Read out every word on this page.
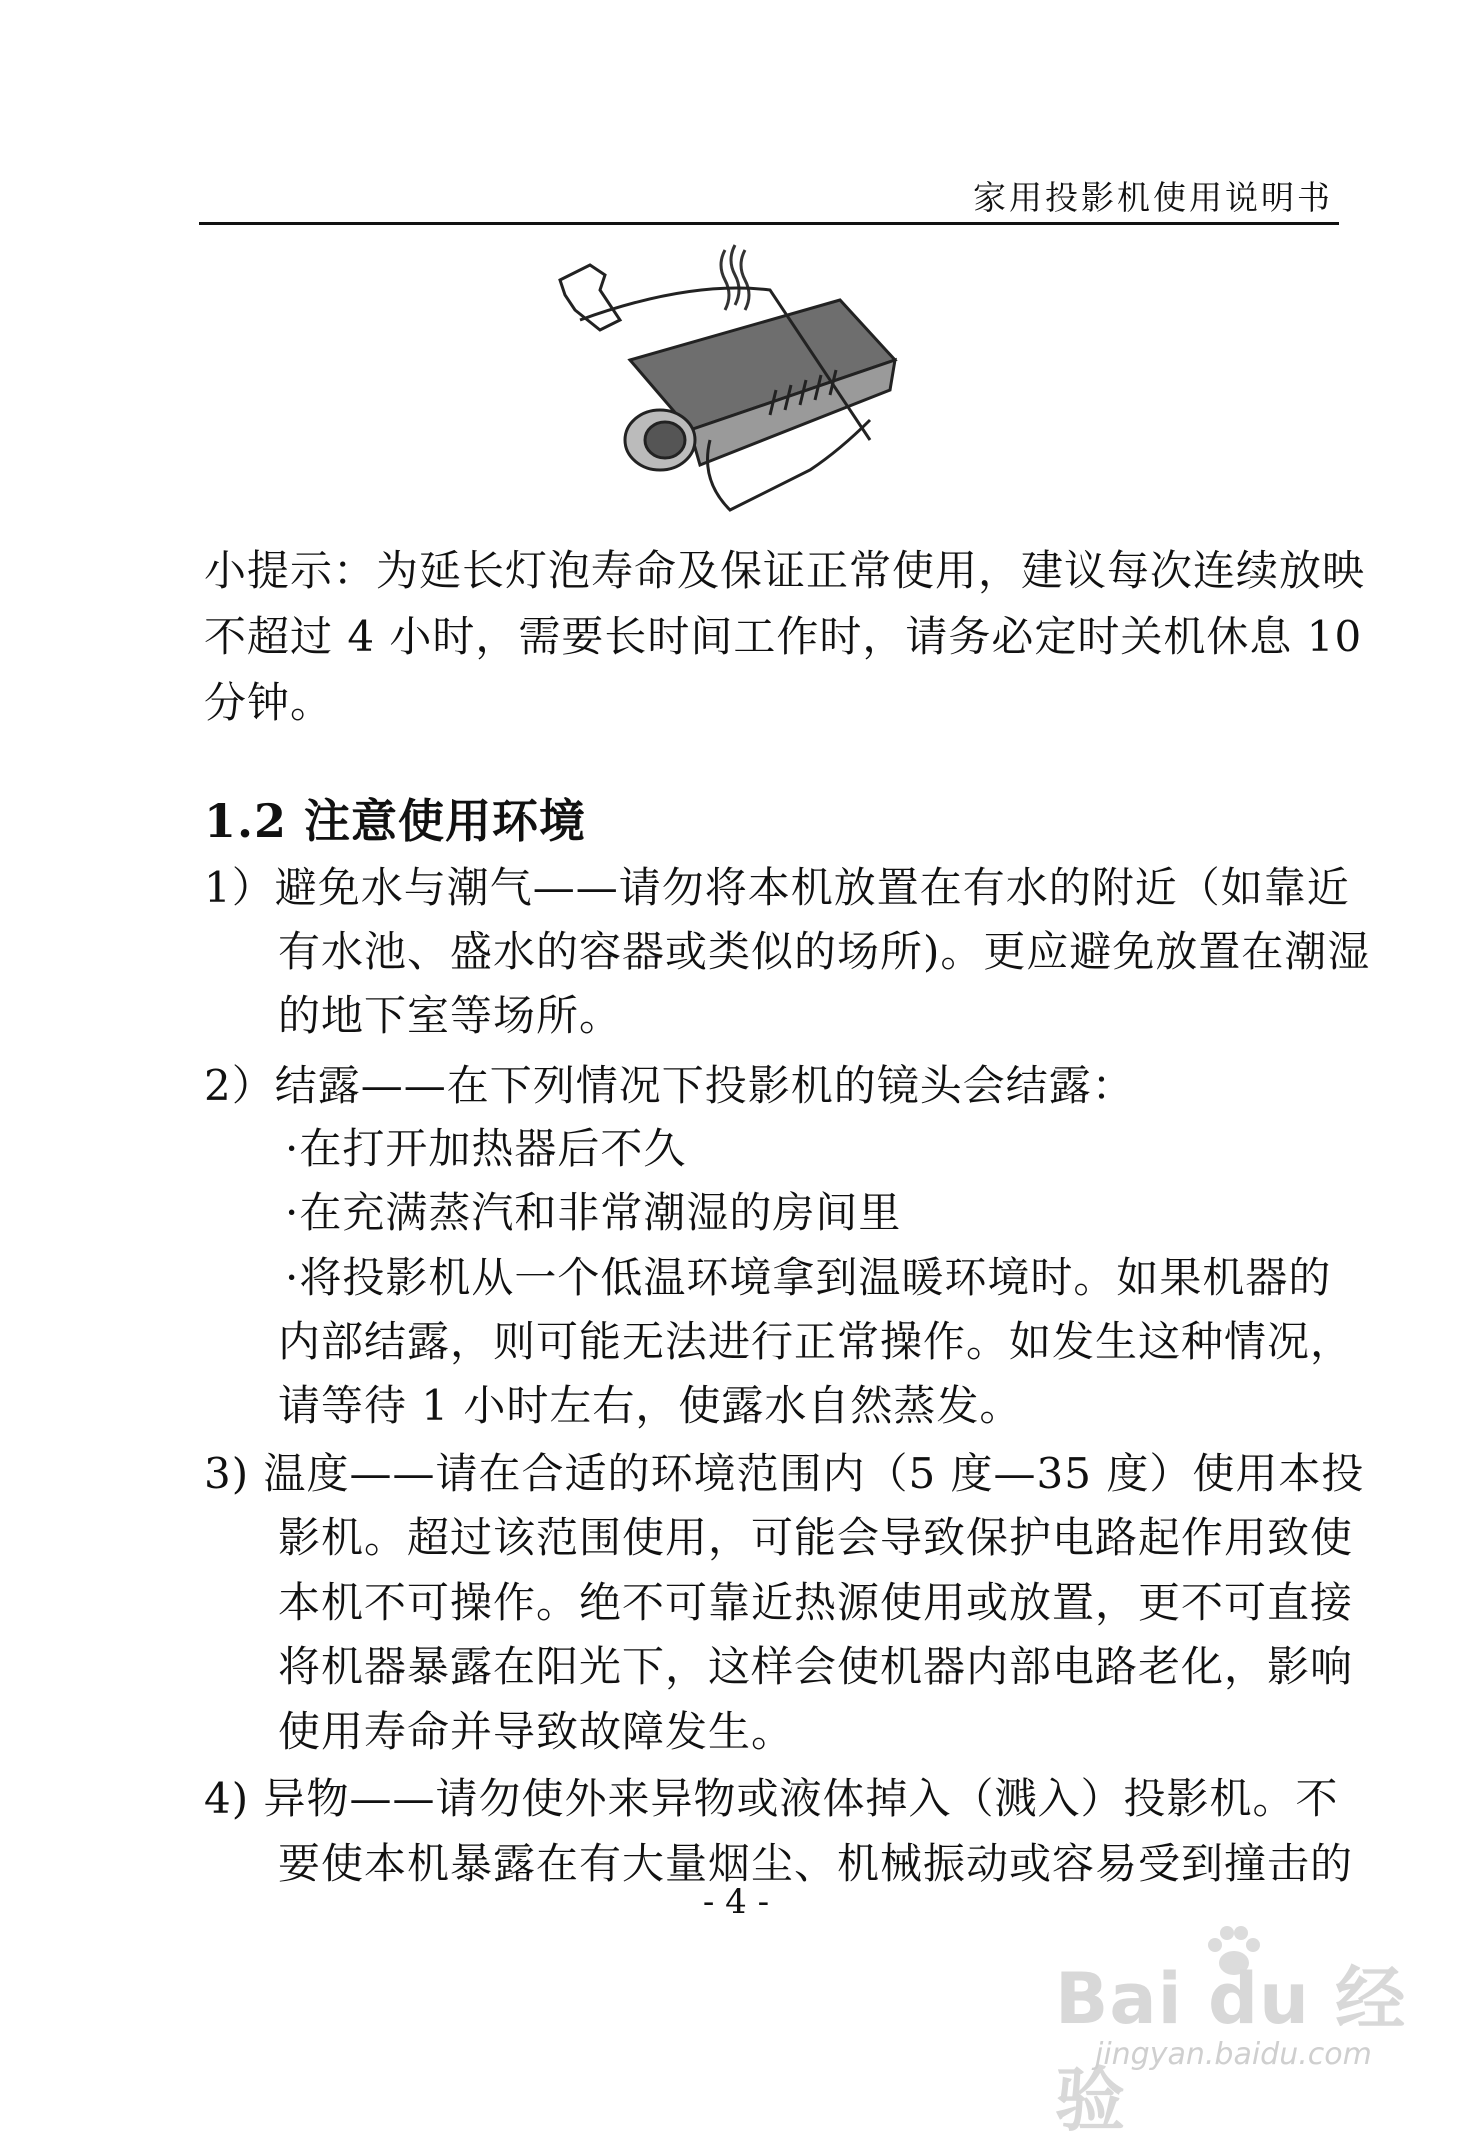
家用投影机使用说明书
小提示：为延长灯泡寿命及保证正常使用，建议每次连续放映
不超过 4 小时，需要长时间工作时，请务必定时关机休息 10
分钟。
1.2 注意使用环境
1）避免水与潮气——请勿将本机放置在有水的附近（如靠近
有水池、盛水的容器或类似的场所)。更应避免放置在潮湿
的地下室等场所。
2）结露——在下列情况下投影机的镜头会结露：
·在打开加热器后不久
·在充满蒸汽和非常潮湿的房间里
·将投影机从一个低温环境拿到温暖环境时。如果机器的
内部结露，则可能无法进行正常操作。如发生这种情况，
请等待 1 小时左右，使露水自然蒸发。
3) 温度——请在合适的环境范围内（5 度—35 度）使用本投
影机。超过该范围使用，可能会导致保护电路起作用致使
本机不可操作。绝不可靠近热源使用或放置，更不可直接
将机器暴露在阳光下，这样会使机器内部电路老化，影响
使用寿命并导致故障发生。
4) 异物——请勿使外来异物或液体掉入（溅入）投影机。不
要使本机暴露在有大量烟尘、机械振动或容易受到撞击的
- 4 -
Bai du 经验
jingyan.baidu.com
